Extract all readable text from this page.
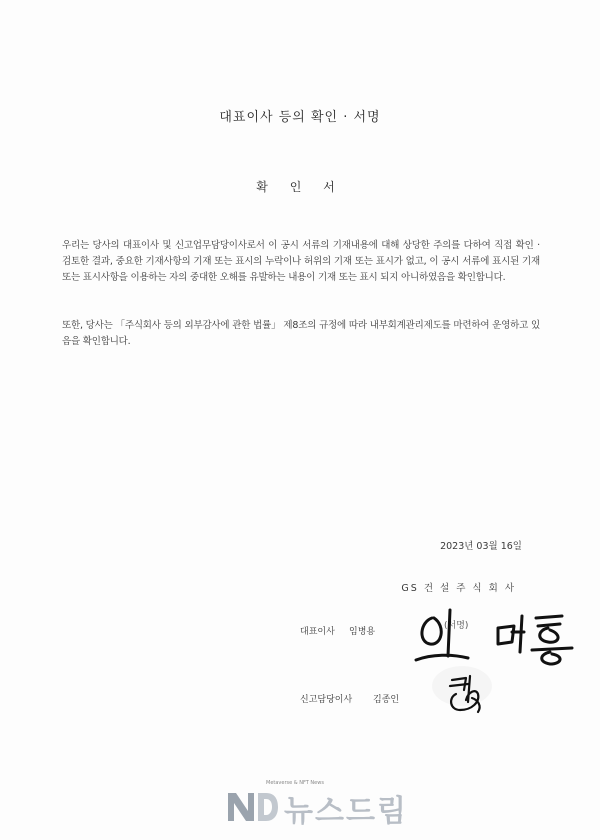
대표이사 등의 확인 · 서명
확 인 서
우리는 당사의 대표이사 및 신고업무담당이사로서 이 공시 서류의 기재내용에 대해 상당한 주의를 다하여 직접 확인 · 검토한 결과, 중요한 기재사항의 기재 또는 표시의 누락이나 허위의 기재 또는 표시가 없고, 이 공시 서류에 표시된 기재 또는 표시사항을 이용하는 자의 중대한 오해를 유발하는 내용이 기재 또는 표시 되지 아니하였음을 확인합니다.
또한, 당사는 「주식회사 등의 외부감사에 관한 법률」 제8조의 규정에 따라 내부회계관리제도를 마련하여 운영하고 있음을 확인합니다.
2023년 03월 16일
GS 건 설 주 식 회 사
대표이사 임병용
(서명)
신고담당이사 김종인
Metaverse & NFT News
뉴스드림
